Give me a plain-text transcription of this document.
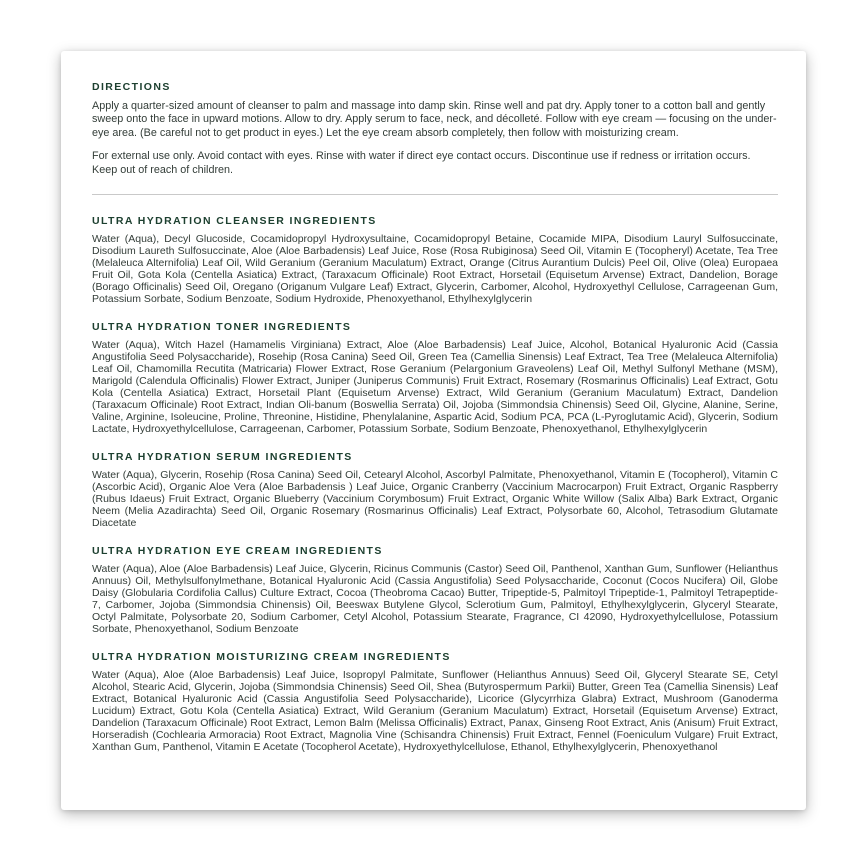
DIRECTIONS

Apply a quarter-sized amount of cleanser to palm and massage into damp skin. Rinse well and pat dry. Apply toner to a cotton ball and gently sweep onto the face in upward motions. Allow to dry. Apply serum to face, neck, and décolleté. Follow with eye cream — focusing on the under-eye area. (Be careful not to get product in eyes.) Let the eye cream absorb completely, then follow with moisturizing cream.

For external use only. Avoid contact with eyes. Rinse with water if direct eye contact occurs. Discontinue use if redness or irritation occurs. Keep out of reach of children.

ULTRA HYDRATION CLEANSER INGREDIENTS

Water (Aqua), Decyl Glucoside, Cocamidopropyl Hydroxysultaine, Cocamidopropyl Betaine, Cocamide MIPA, Disodium Lauryl Sulfosuccinate, Disodium Laureth Sulfosuccinate, Aloe (Aloe Barbadensis) Leaf Juice, Rose (Rosa Rubiginosa) Seed Oil, Vitamin E (Tocopheryl) Acetate, Tea Tree (Melaleuca Alternifolia) Leaf Oil, Wild Geranium (Geranium Maculatum) Extract, Orange (Citrus Aurantium Dulcis) Peel Oil, Olive (Olea) Europaea Fruit Oil, Gota Kola (Centella Asiatica) Extract, (Taraxacum Officinale) Root Extract, Horsetail (Equisetum Arvense) Extract, Dandelion, Borage (Borago Officinalis) Seed Oil, Oregano (Origanum Vulgare Leaf) Extract, Glycerin, Carbomer, Alcohol, Hydroxyethyl Cellulose, Carrageenan Gum, Potassium Sorbate, Sodium Benzoate, Sodium Hydroxide, Phenoxyethanol, Ethylhexylglycerin

ULTRA HYDRATION TONER INGREDIENTS

Water (Aqua), Witch Hazel (Hamamelis Virginiana) Extract, Aloe (Aloe Barbadensis) Leaf Juice, Alcohol, Botanical Hyaluronic Acid (Cassia Angustifolia Seed Polysaccharide), Rosehip (Rosa Canina) Seed Oil, Green Tea (Camellia Sinensis) Leaf Extract, Tea Tree (Melaleuca Alternifolia) Leaf Oil, Chamomilla Recutita (Matricaria) Flower Extract, Rose Geranium (Pelargonium Graveolens) Leaf Oil, Methyl Sulfonyl Methane (MSM), Marigold (Calendula Officinalis) Flower Extract, Juniper (Juniperus Communis) Fruit Extract, Rosemary (Rosmarinus Officinalis) Leaf Extract, Gotu Kola (Centella Asiatica) Extract, Horsetail Plant (Equisetum Arvense) Extract, Wild Geranium (Geranium Maculatum) Extract, Dandelion (Taraxacum Officinale) Root Extract, Indian Oli-banum (Boswellia Serrata) Oil, Jojoba (Simmondsia Chinensis) Seed Oil, Glycine, Alanine, Serine, Valine, Arginine, Isoleucine, Proline, Threonine, Histidine, Phenylalanine, Aspartic Acid, Sodium PCA, PCA (L-Pyroglutamic Acid), Glycerin, Sodium Lactate, Hydroxyethylcellulose, Carrageenan, Carbomer, Potassium Sorbate, Sodium Benzoate, Phenoxyethanol, Ethylhexylglycerin

ULTRA HYDRATION SERUM INGREDIENTS

Water (Aqua), Glycerin, Rosehip (Rosa Canina) Seed Oil, Cetearyl Alcohol, Ascorbyl Palmitate, Phenoxyethanol, Vitamin E (Tocopherol), Vitamin C (Ascorbic Acid), Organic Aloe Vera (Aloe Barbadensis ) Leaf Juice, Organic Cranberry (Vaccinium Macrocarpon) Fruit Extract, Organic Raspberry (Rubus Idaeus) Fruit Extract, Organic Blueberry (Vaccinium Corymbosum) Fruit Extract, Organic White Willow (Salix Alba) Bark Extract, Organic Neem (Melia Azadirachta) Seed Oil, Organic Rosemary (Rosmarinus Officinalis) Leaf Extract, Polysorbate 60, Alcohol, Tetrasodium Glutamate Diacetate

ULTRA HYDRATION EYE CREAM INGREDIENTS

Water (Aqua), Aloe (Aloe Barbadensis) Leaf Juice, Glycerin, Ricinus Communis (Castor) Seed Oil, Panthenol, Xanthan Gum, Sunflower (Helianthus Annuus) Oil, Methylsulfonylmethane, Botanical Hyaluronic Acid (Cassia Angustifolia) Seed Polysaccharide, Coconut (Cocos Nucifera) Oil, Globe Daisy (Globularia Cordifolia Callus) Culture Extract, Cocoa (Theobroma Cacao) Butter, Tripeptide-5, Palmitoyl Tripeptide-1, Palmitoyl Tetrapeptide-7, Carbomer, Jojoba (Simmondsia Chinensis) Oil, Beeswax Butylene Glycol, Sclerotium Gum, Palmitoyl, Ethylhexylglycerin, Glyceryl Stearate, Octyl Palmitate, Polysorbate 20, Sodium Carbomer, Cetyl Alcohol, Potassium Stearate, Fragrance, CI 42090, Hydroxyethylcellulose, Potassium Sorbate, Phenoxyethanol, Sodium Benzoate

ULTRA HYDRATION MOISTURIZING CREAM INGREDIENTS

Water (Aqua), Aloe (Aloe Barbadensis) Leaf Juice, Isopropyl Palmitate, Sunflower (Helianthus Annuus) Seed Oil, Glyceryl Stearate SE, Cetyl Alcohol, Stearic Acid, Glycerin, Jojoba (Simmondsia Chinensis) Seed Oil, Shea (Butyrospermum Parkii) Butter, Green Tea (Camellia Sinensis) Leaf Extract, Botanical Hyaluronic Acid (Cassia Angustifolia Seed Polysaccharide), Licorice (Glycyrrhiza Glabra) Extract, Mushroom (Ganoderma Lucidum) Extract, Gotu Kola (Centella Asiatica) Extract, Wild Geranium (Geranium Maculatum) Extract, Horsetail (Equisetum Arvense) Extract, Dandelion (Taraxacum Officinale) Root Extract, Lemon Balm (Melissa Officinalis) Extract, Panax, Ginseng Root Extract, Anis (Anisum) Fruit Extract, Horseradish (Cochlearia Armoracia) Root Extract, Magnolia Vine (Schisandra Chinensis) Fruit Extract, Fennel (Foeniculum Vulgare) Fruit Extract, Xanthan Gum, Panthenol, Vitamin E Acetate (Tocopherol Acetate), Hydroxyethylcellulose, Ethanol, Ethylhexylglycerin, Phenoxyethanol
